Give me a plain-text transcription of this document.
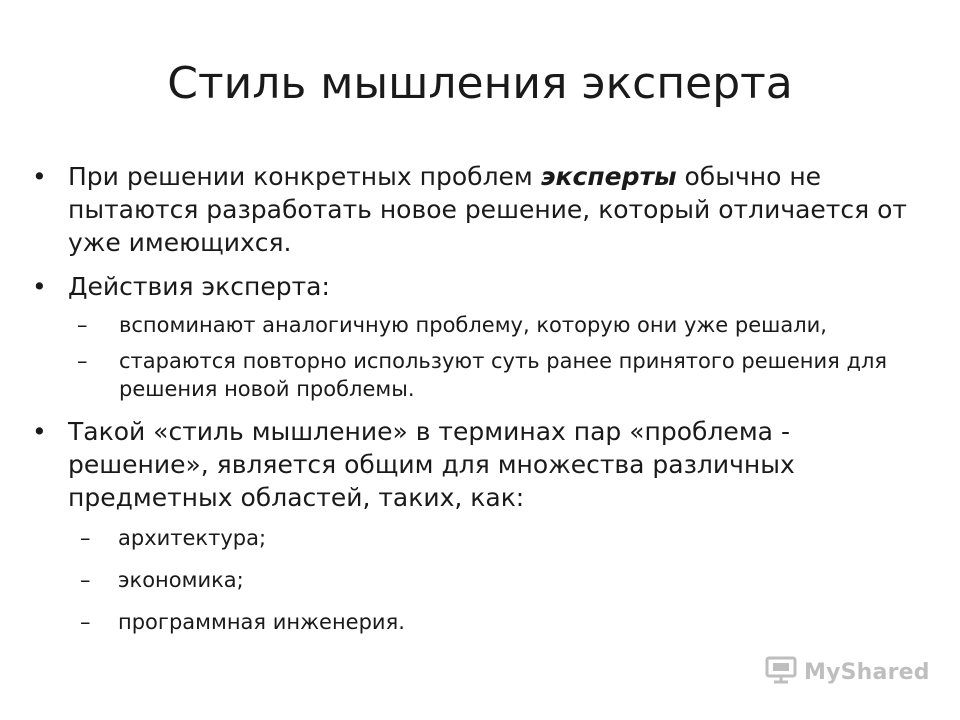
Стиль мышления эксперта
• При решении конкретных проблем эксперты обычно не пытаются разработать новое решение, который отличается от уже имеющихся.
• Действия эксперта:
– вспоминают аналогичную проблему, которую они уже решали,
– стараются повторно используют суть ранее принятого решения для решения новой проблемы.
• Такой «стиль мышление» в терминах пар «проблема - решение», является общим для множества различных предметных областей, таких, как:
– архитектура;
– экономика;
– программная инженерия.
MyShared
